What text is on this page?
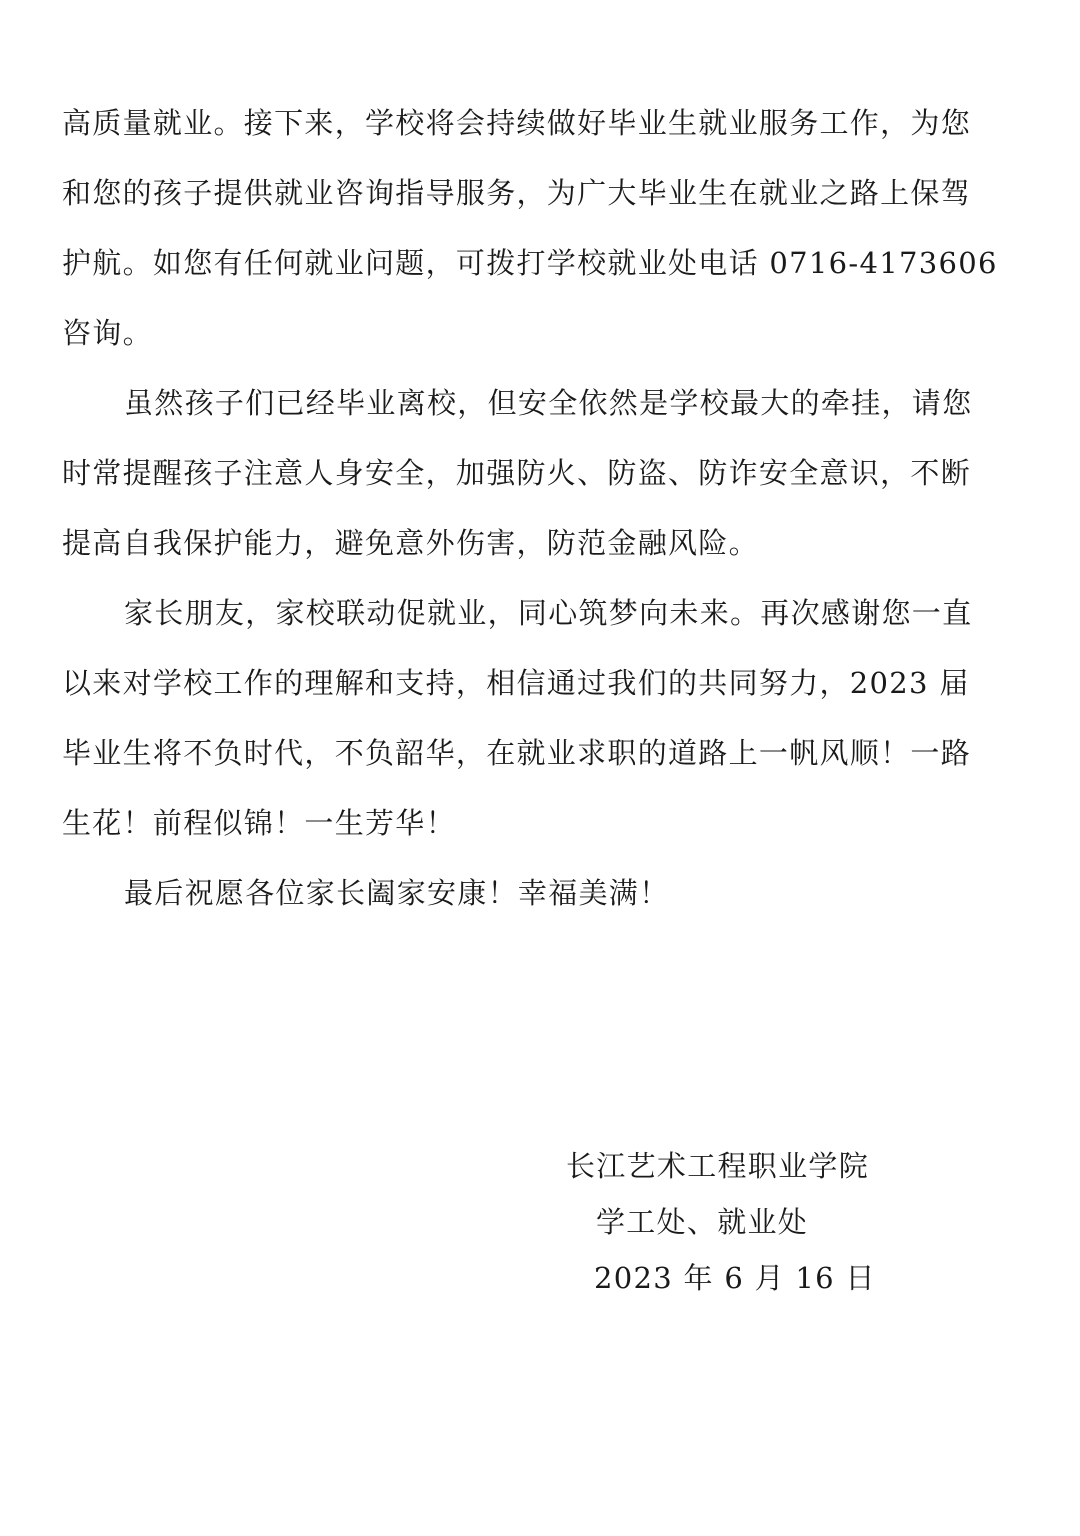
高质量就业。接下来，学校将会持续做好毕业生就业服务工作，为您
和您的孩子提供就业咨询指导服务，为广大毕业生在就业之路上保驾
护航。如您有任何就业问题，可拨打学校就业处电话 0716-4173606
咨询。
虽然孩子们已经毕业离校，但安全依然是学校最大的牵挂，请您
时常提醒孩子注意人身安全，加强防火、防盗、防诈安全意识，不断
提高自我保护能力，避免意外伤害，防范金融风险。
家长朋友，家校联动促就业，同心筑梦向未来。再次感谢您一直
以来对学校工作的理解和支持，相信通过我们的共同努力，2023 届
毕业生将不负时代，不负韶华，在就业求职的道路上一帆风顺！一路
生花！前程似锦！一生芳华！
最后祝愿各位家长阖家安康！幸福美满！
长江艺术工程职业学院
学工处、就业处
2023 年 6 月 16 日
